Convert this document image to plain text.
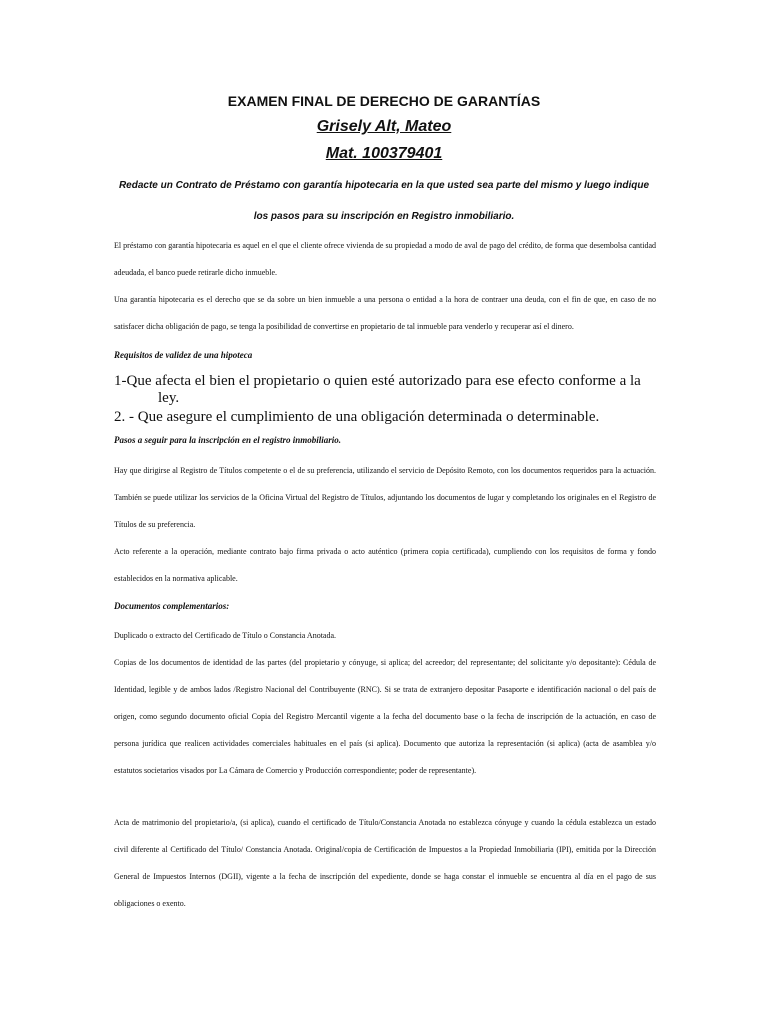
EXAMEN FINAL DE DERECHO DE GARANTÍAS
Grisely Alt, Mateo
Mat. 100379401

Redacte un Contrato de Préstamo con garantía hipotecaria en la que usted sea parte del mismo y luego indique

los pasos para su inscripción en Registro inmobiliario.

El préstamo con garantía hipotecaria es aquel en el que el cliente ofrece vivienda de su propiedad a modo de aval de pago del crédito, de forma que desembolsa cantidad adeudada, el banco puede retirarle dicho inmueble.

Una garantía hipotecaria es el derecho que se da sobre un bien inmueble a una persona o entidad a la hora de contraer una deuda, con el fin de que, en caso de no satisfacer dicha obligación de pago, se tenga la posibilidad de convertirse en propietario de tal inmueble para venderlo y recuperar así el dinero.

Requisitos de validez de una hipoteca

1-Que afecta el bien el propietario o quien esté autorizado para ese efecto conforme a la
ley.
2. - Que asegure el cumplimiento de una obligación determinada o determinable.

Pasos a seguir para la inscripción en el registro inmobiliario.

Hay que dirigirse al Registro de Títulos competente o el de su preferencia, utilizando el servicio de Depósito Remoto, con los documentos requeridos para la actuación. También se puede utilizar los servicios de la Oficina Virtual del Registro de Títulos, adjuntando los documentos de lugar y completando los originales en el Registro de Títulos de su preferencia.

Acto referente a la operación, mediante contrato bajo firma privada o acto auténtico (primera copia certificada), cumpliendo con los requisitos de forma y fondo establecidos en la normativa aplicable.

Documentos complementarios:

Duplicado o extracto del Certificado de Título o Constancia Anotada.

Copias de los documentos de identidad de las partes (del propietario y cónyuge, si aplica; del acreedor; del representante; del solicitante y/o depositante): Cédula de Identidad, legible y de ambos lados /Registro Nacional del Contribuyente (RNC). Si se trata de extranjero depositar Pasaporte e identificación nacional o del país de origen, como segundo documento oficial Copia del Registro Mercantil vigente a la fecha del documento base o la fecha de inscripción de la actuación, en caso de persona jurídica que realicen actividades comerciales habituales en el país (si aplica). Documento que autoriza la representación (si aplica) (acta de asamblea y/o estatutos societarios visados por La Cámara de Comercio y Producción correspondiente; poder de representante).

Acta de matrimonio del propietario/a, (si aplica), cuando el certificado de Título/Constancia Anotada no establezca cónyuge y cuando la cédula establezca un estado civil diferente al Certificado del Título/ Constancia Anotada. Original/copia de Certificación de Impuestos a la Propiedad Inmobiliaria (IPI), emitida por la Dirección General de Impuestos Internos (DGII), vigente a la fecha de inscripción del expediente, donde se haga constar el inmueble se encuentra al día en el pago de sus obligaciones o exento.
